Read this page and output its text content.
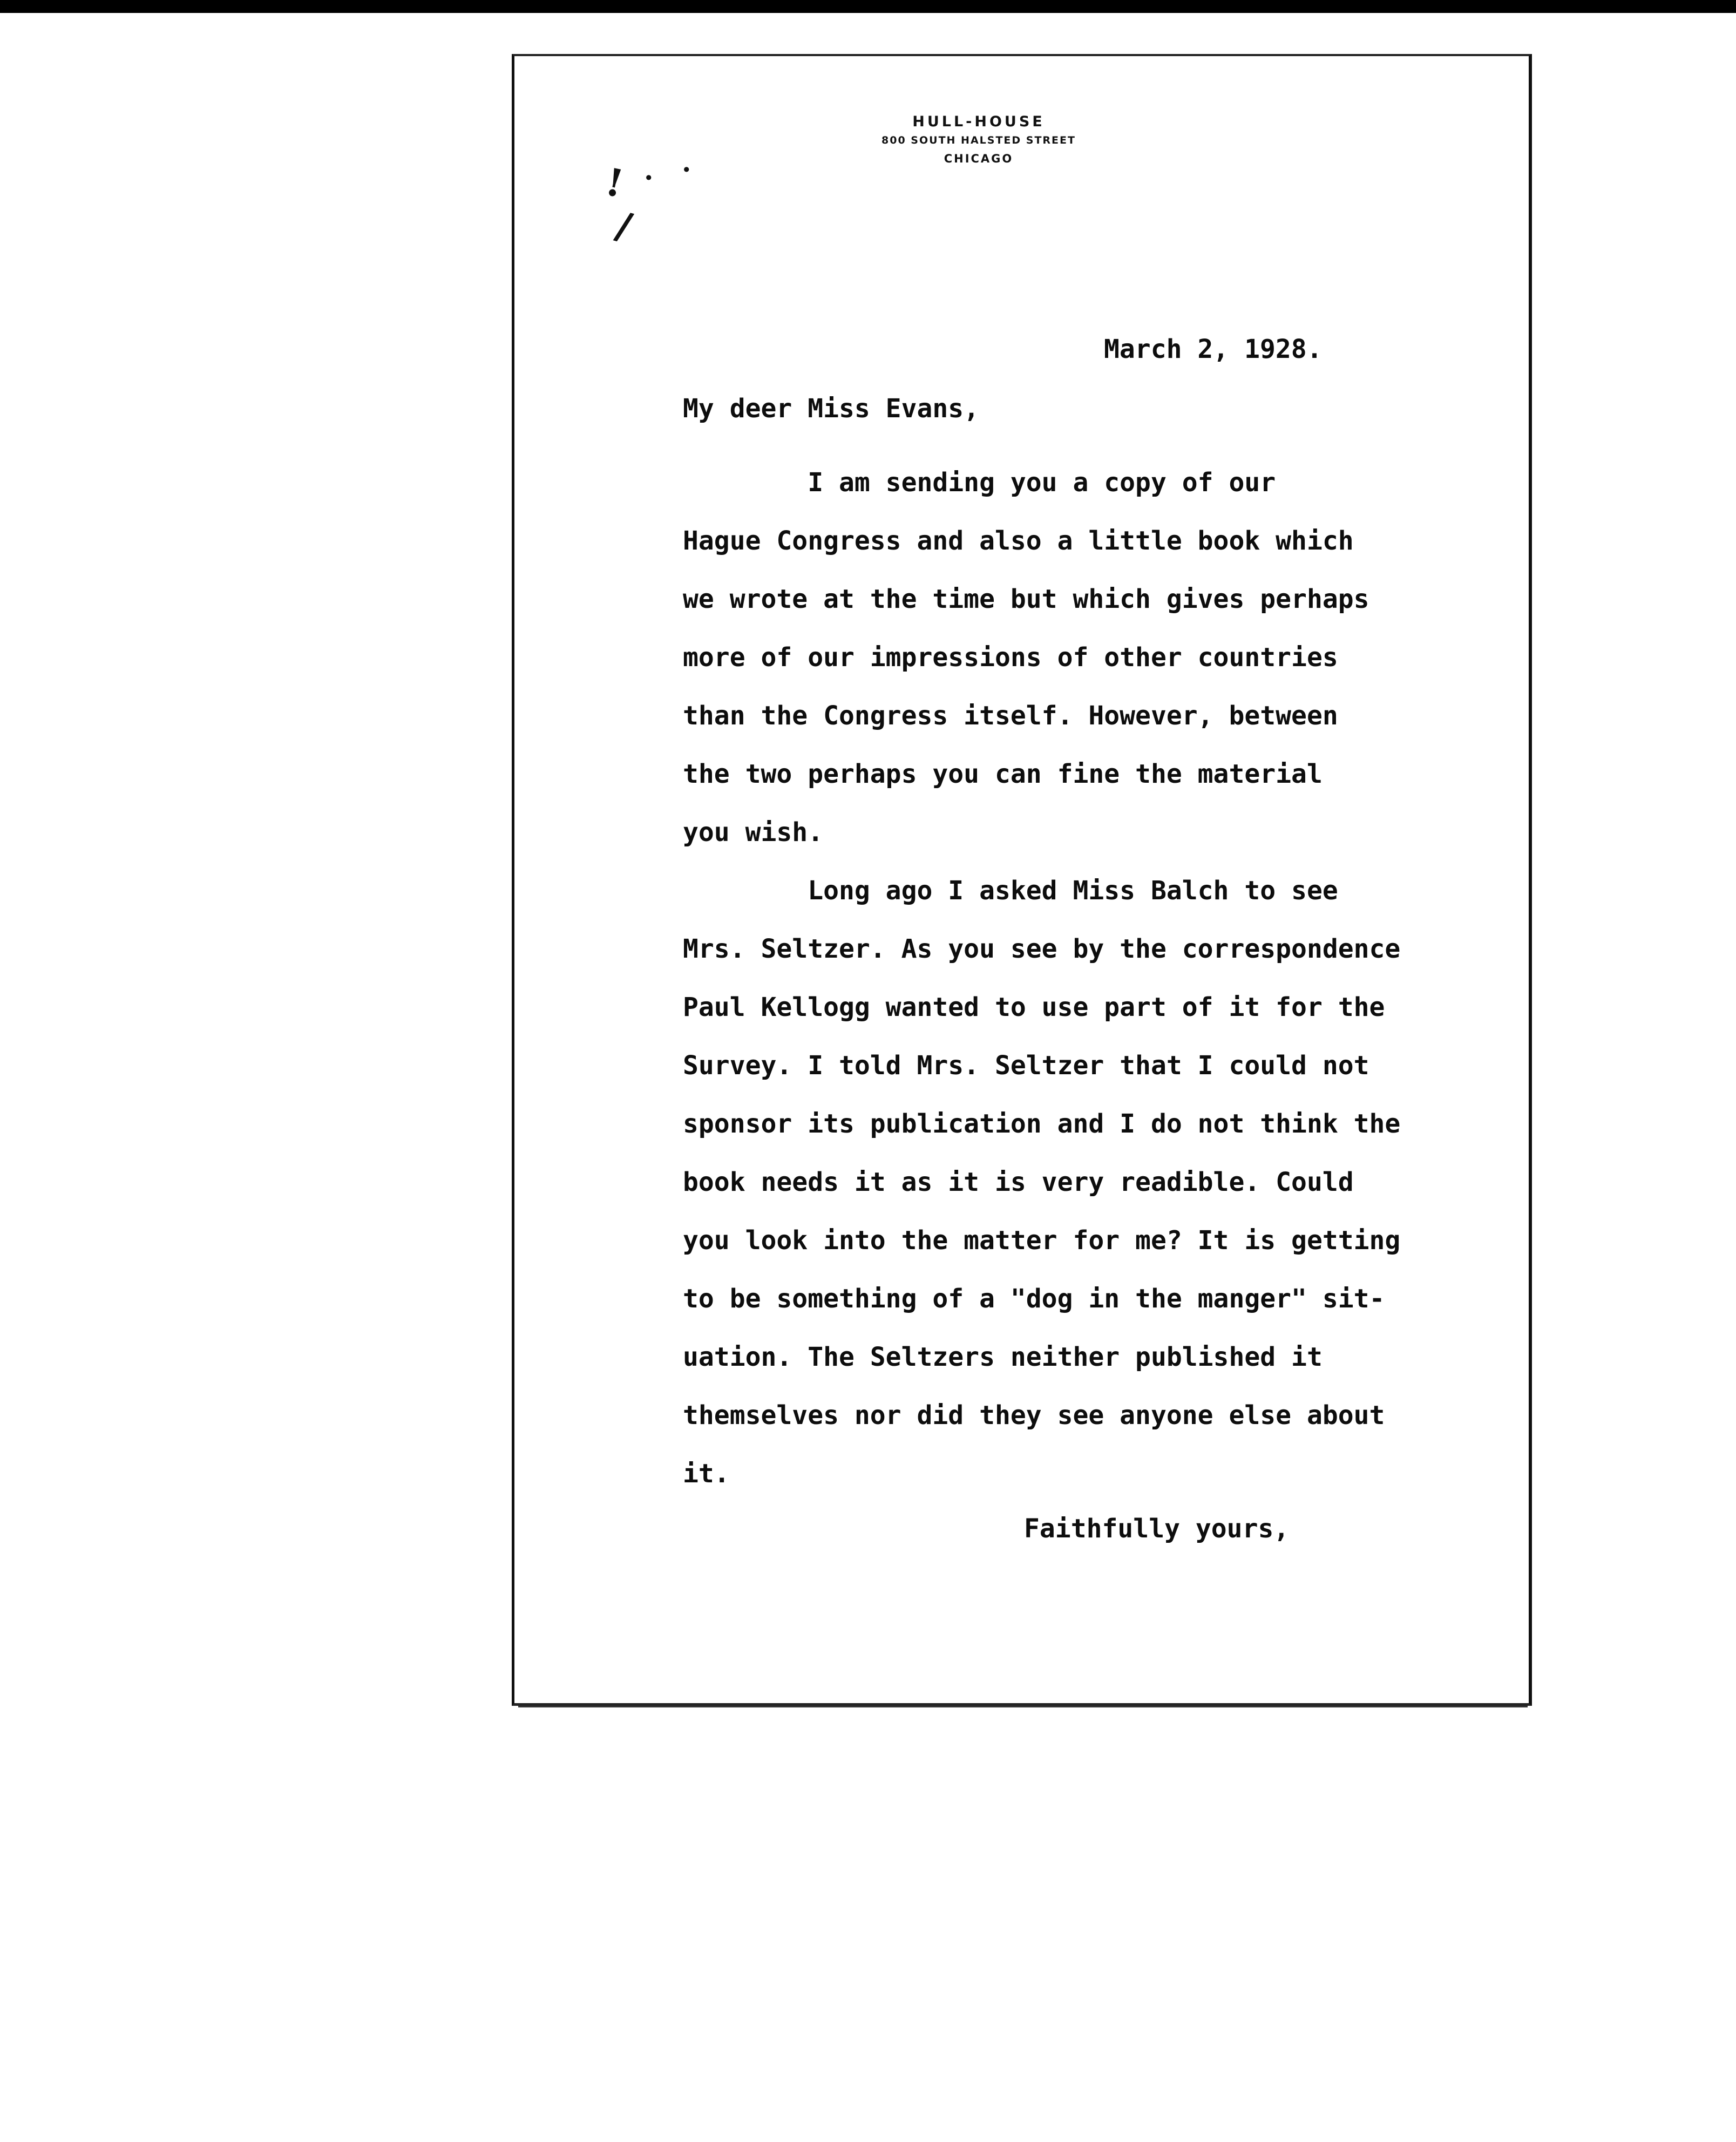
! · ·
/
HULL-HOUSE
800 SOUTH HALSTED STREET
CHICAGO
March 2, 1928.
My deer Miss Evans,

I am sending you a copy of our

Hague Congress and also a little book which

we wrote at the time but which gives perhaps

more of our impressions of other countries

than the Congress itself. However, between

the two perhaps you can fine the material

you wish.

Long ago I asked Miss Balch to see

Mrs. Seltzer. As you see by the correspondence

Paul Kellogg wanted to use part of it for the

Survey. I told Mrs. Seltzer that I could not

sponsor its publication and I do not think the

book needs it as it is very readible. Could

you look into the matter for me? It is getting

to be something of a "dog in the manger" sit-

uation. The Seltzers neither published it

themselves nor did they see anyone else about

it.

Faithfully yours,
